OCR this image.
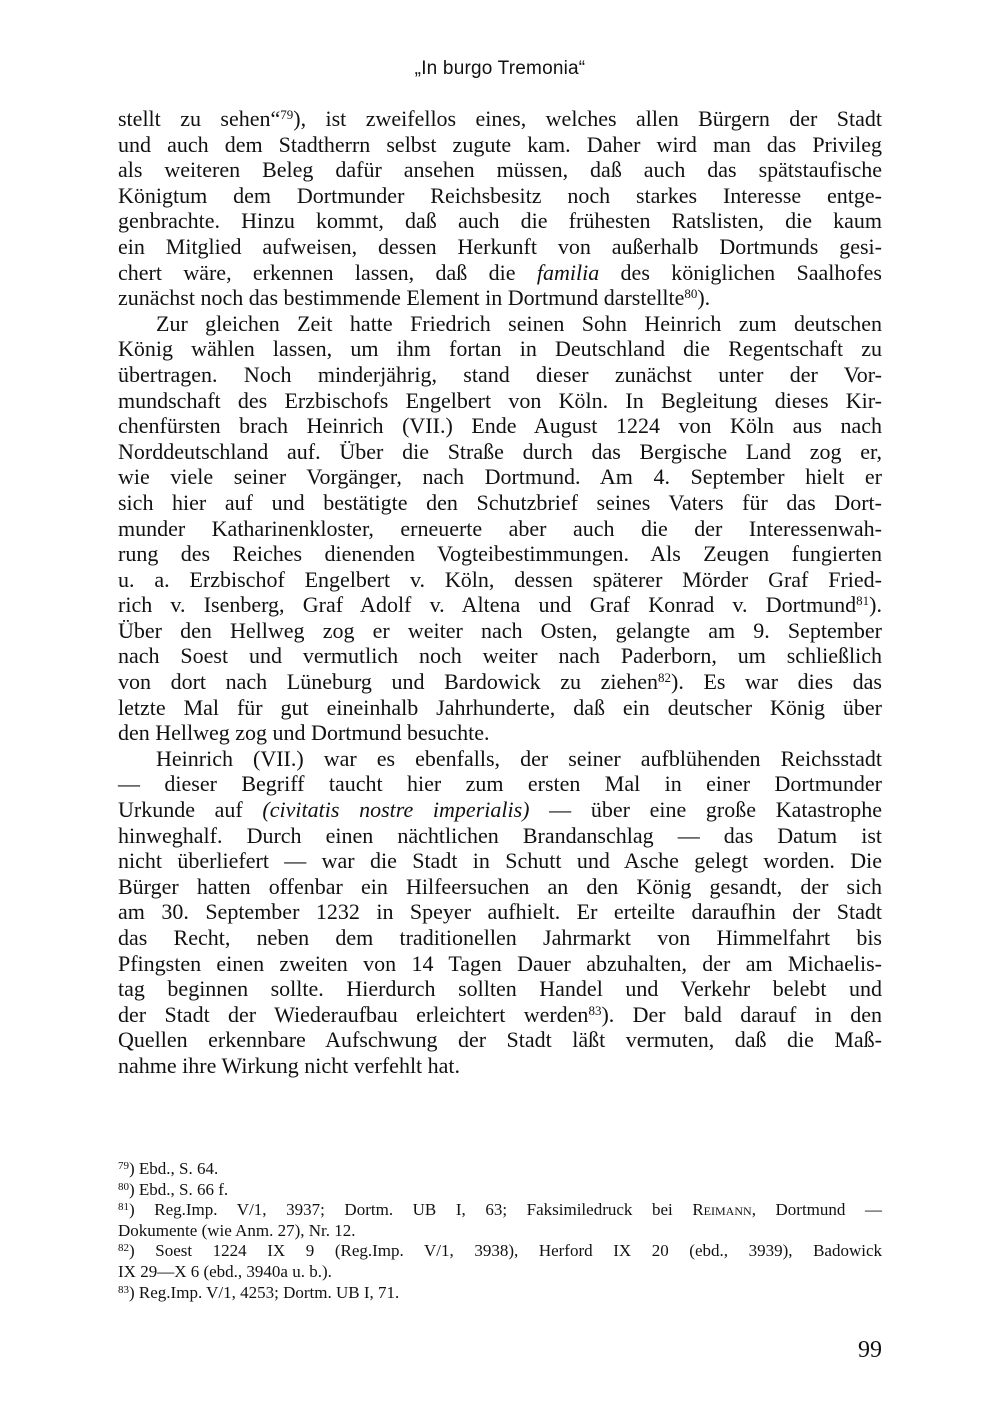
„In burgo Tremonia“
stellt zu sehen“$^{79}$), ist zweifellos eines, welches allen Bürgern der Stadt
und auch dem Stadtherrn selbst zugute kam. Daher wird man das Privileg
als weiteren Beleg dafür ansehen müssen, daß auch das spätstaufische
Königtum dem Dortmunder Reichsbesitz noch starkes Interesse entge-
genbrachte. Hinzu kommt, daß auch die frühesten Ratslisten, die kaum
ein Mitglied aufweisen, dessen Herkunft von außerhalb Dortmunds gesi-
chert wäre, erkennen lassen, daß die familia des königlichen Saalhofes
zunächst noch das bestimmende Element in Dortmund darstellte$^{80}$).
Zur gleichen Zeit hatte Friedrich seinen Sohn Heinrich zum deutschen
König wählen lassen, um ihm fortan in Deutschland die Regentschaft zu
übertragen. Noch minderjährig, stand dieser zunächst unter der Vor-
mundschaft des Erzbischofs Engelbert von Köln. In Begleitung dieses Kir-
chenfürsten brach Heinrich (VII.) Ende August 1224 von Köln aus nach
Norddeutschland auf. Über die Straße durch das Bergische Land zog er,
wie viele seiner Vorgänger, nach Dortmund. Am 4. September hielt er
sich hier auf und bestätigte den Schutzbrief seines Vaters für das Dort-
munder Katharinenkloster, erneuerte aber auch die der Interessenwah-
rung des Reiches dienenden Vogteibestimmungen. Als Zeugen fungierten
u. a. Erzbischof Engelbert v. Köln, dessen späterer Mörder Graf Fried-
rich v. Isenberg, Graf Adolf v. Altena und Graf Konrad v. Dortmund$^{81}$).
Über den Hellweg zog er weiter nach Osten, gelangte am 9. September
nach Soest und vermutlich noch weiter nach Paderborn, um schließlich
von dort nach Lüneburg und Bardowick zu ziehen$^{82}$). Es war dies das
letzte Mal für gut eineinhalb Jahrhunderte, daß ein deutscher König über
den Hellweg zog und Dortmund besuchte.
Heinrich (VII.) war es ebenfalls, der seiner aufblühenden Reichsstadt
— dieser Begriff taucht hier zum ersten Mal in einer Dortmunder
Urkunde auf (civitatis nostre imperialis) — über eine große Katastrophe
hinweghalf. Durch einen nächtlichen Brandanschlag — das Datum ist
nicht überliefert — war die Stadt in Schutt und Asche gelegt worden. Die
Bürger hatten offenbar ein Hilfeersuchen an den König gesandt, der sich
am 30. September 1232 in Speyer aufhielt. Er erteilte daraufhin der Stadt
das Recht, neben dem traditionellen Jahrmarkt von Himmelfahrt bis
Pfingsten einen zweiten von 14 Tagen Dauer abzuhalten, der am Michaelis-
tag beginnen sollte. Hierdurch sollten Handel und Verkehr belebt und
der Stadt der Wiederaufbau erleichtert werden$^{83}$). Der bald darauf in den
Quellen erkennbare Aufschwung der Stadt läßt vermuten, daß die Maß-
nahme ihre Wirkung nicht verfehlt hat.
$^{79}$) Ebd., S. 64.
$^{80}$) Ebd., S. 66 f.
$^{81}$) Reg.Imp. V/1, 3937; Dortm. UB I, 63; Faksimiledruck bei Reimann, Dortmund —
Dokumente (wie Anm. 27), Nr. 12.
$^{82}$) Soest 1224 IX 9 (Reg.Imp. V/1, 3938), Herford IX 20 (ebd., 3939), Badowick
IX 29—X 6 (ebd., 3940a u. b.).
$^{83}$) Reg.Imp. V/1, 4253; Dortm. UB I, 71.
99
